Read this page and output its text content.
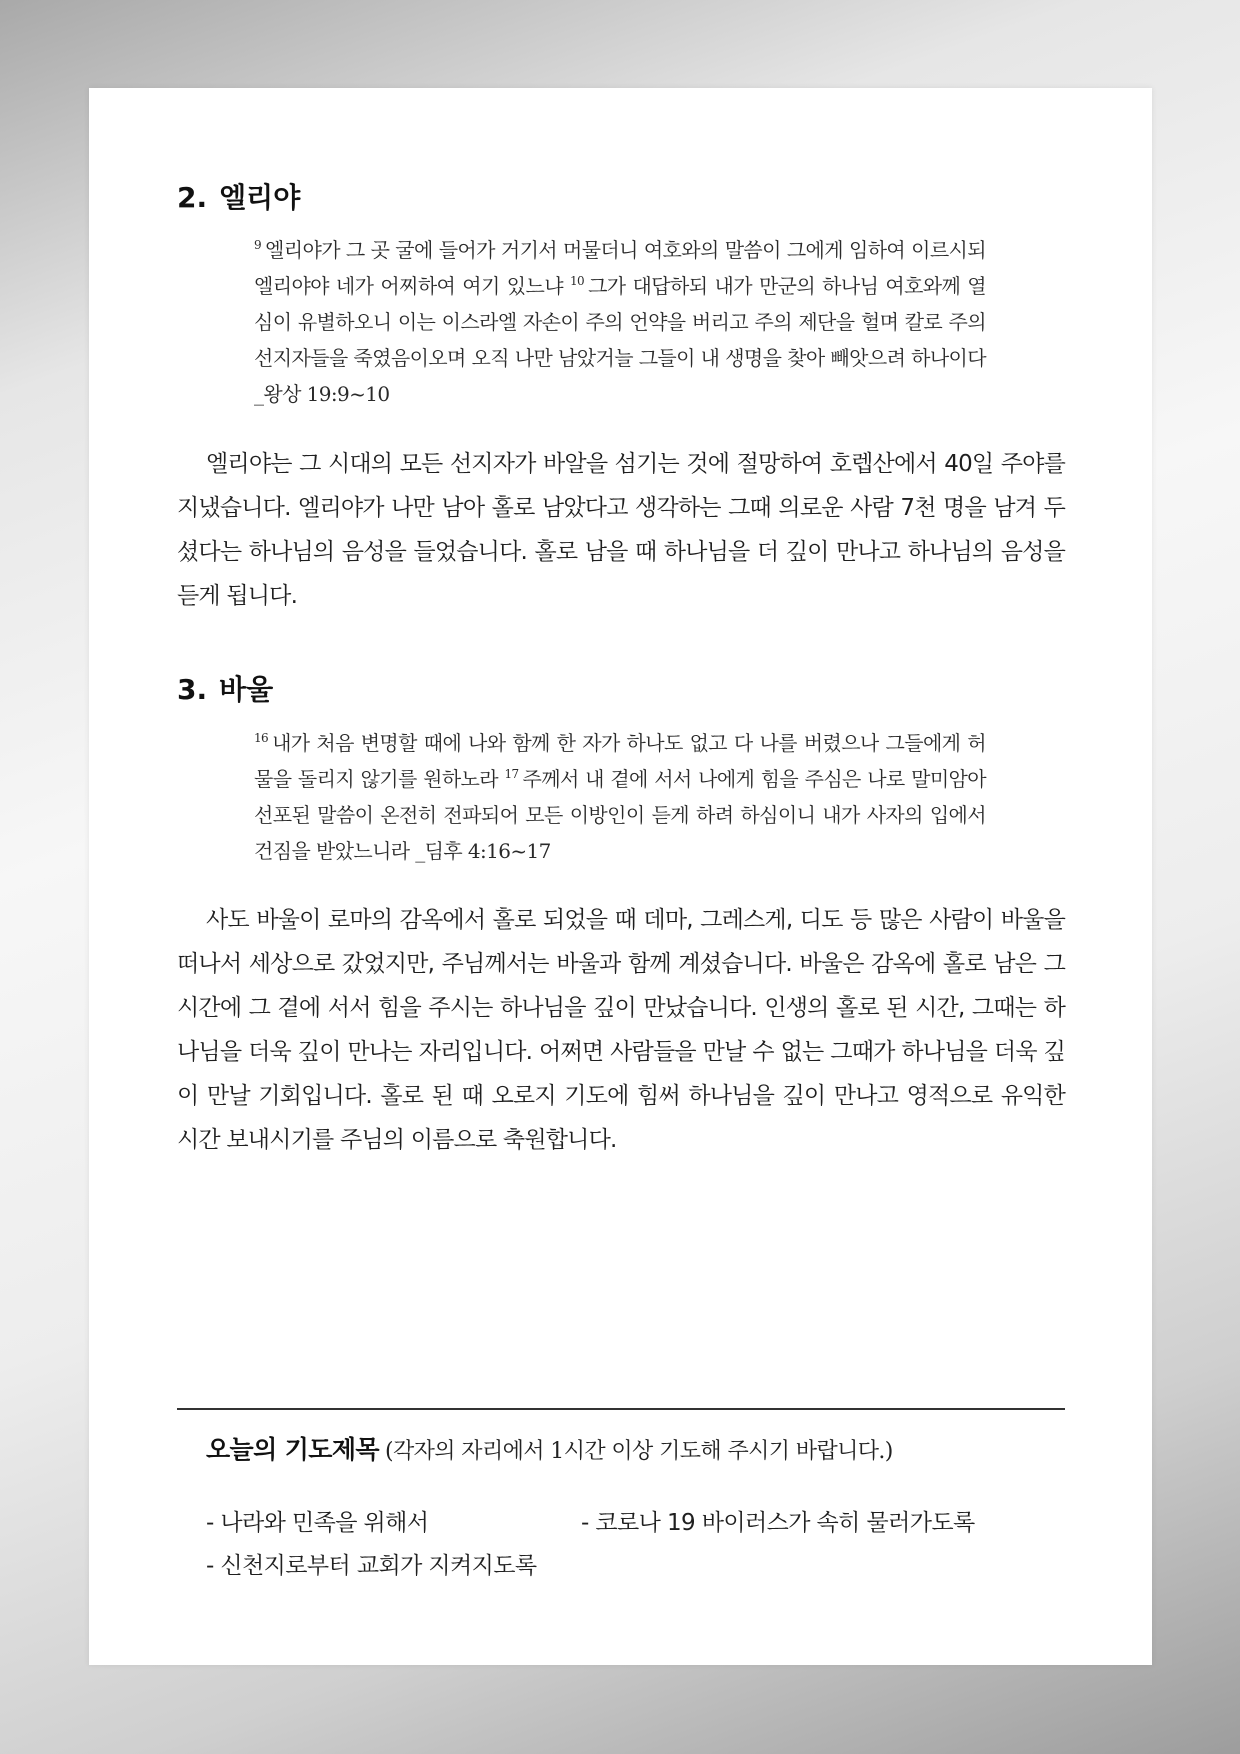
2. 엘리야
$^9$ 엘리야가 그 곳 굴에 들어가 거기서 머물더니 여호와의 말씀이 그에게 임하여 이르시되 엘리야야 네가 어찌하여 여기 있느냐 $^{10}$ 그가 대답하되 내가 만군의 하나님 여호와께 열심이 유별하오니 이는 이스라엘 자손이 주의 언약을 버리고 주의 제단을 헐며 칼로 주의 선지자들을 죽였음이오며 오직 나만 남았거늘 그들이 내 생명을 찾아 빼앗으려 하나이다 _왕상 19:9~10

엘리야는 그 시대의 모든 선지자가 바알을 섬기는 것에 절망하여 호렙산에서 40일 주야를 지냈습니다. 엘리야가 나만 남아 홀로 남았다고 생각하는 그때 의로운 사람 7천 명을 남겨 두셨다는 하나님의 음성을 들었습니다. 홀로 남을 때 하나님을 더 깊이 만나고 하나님의 음성을 듣게 됩니다.

3. 바울
$^{16}$ 내가 처음 변명할 때에 나와 함께 한 자가 하나도 없고 다 나를 버렸으나 그들에게 허물을 돌리지 않기를 원하노라 $^{17}$ 주께서 내 곁에 서서 나에게 힘을 주심은 나로 말미암아 선포된 말씀이 온전히 전파되어 모든 이방인이 듣게 하려 하심이니 내가 사자의 입에서 건짐을 받았느니라 _딤후 4:16~17

사도 바울이 로마의 감옥에서 홀로 되었을 때 데마, 그레스게, 디도 등 많은 사람이 바울을 떠나서 세상으로 갔었지만, 주님께서는 바울과 함께 계셨습니다. 바울은 감옥에 홀로 남은 그 시간에 그 곁에 서서 힘을 주시는 하나님을 깊이 만났습니다. 인생의 홀로 된 시간, 그때는 하나님을 더욱 깊이 만나는 자리입니다. 어쩌면 사람들을 만날 수 없는 그때가 하나님을 더욱 깊이 만날 기회입니다. 홀로 된 때 오로지 기도에 힘써 하나님을 깊이 만나고 영적으로 유익한 시간 보내시기를 주님의 이름으로 축원합니다.

오늘의 기도제목 (각자의 자리에서 1시간 이상 기도해 주시기 바랍니다.)
- 나라와 민족을 위해서	- 코로나 19 바이러스가 속히 물러가도록
- 신천지로부터 교회가 지켜지도록
